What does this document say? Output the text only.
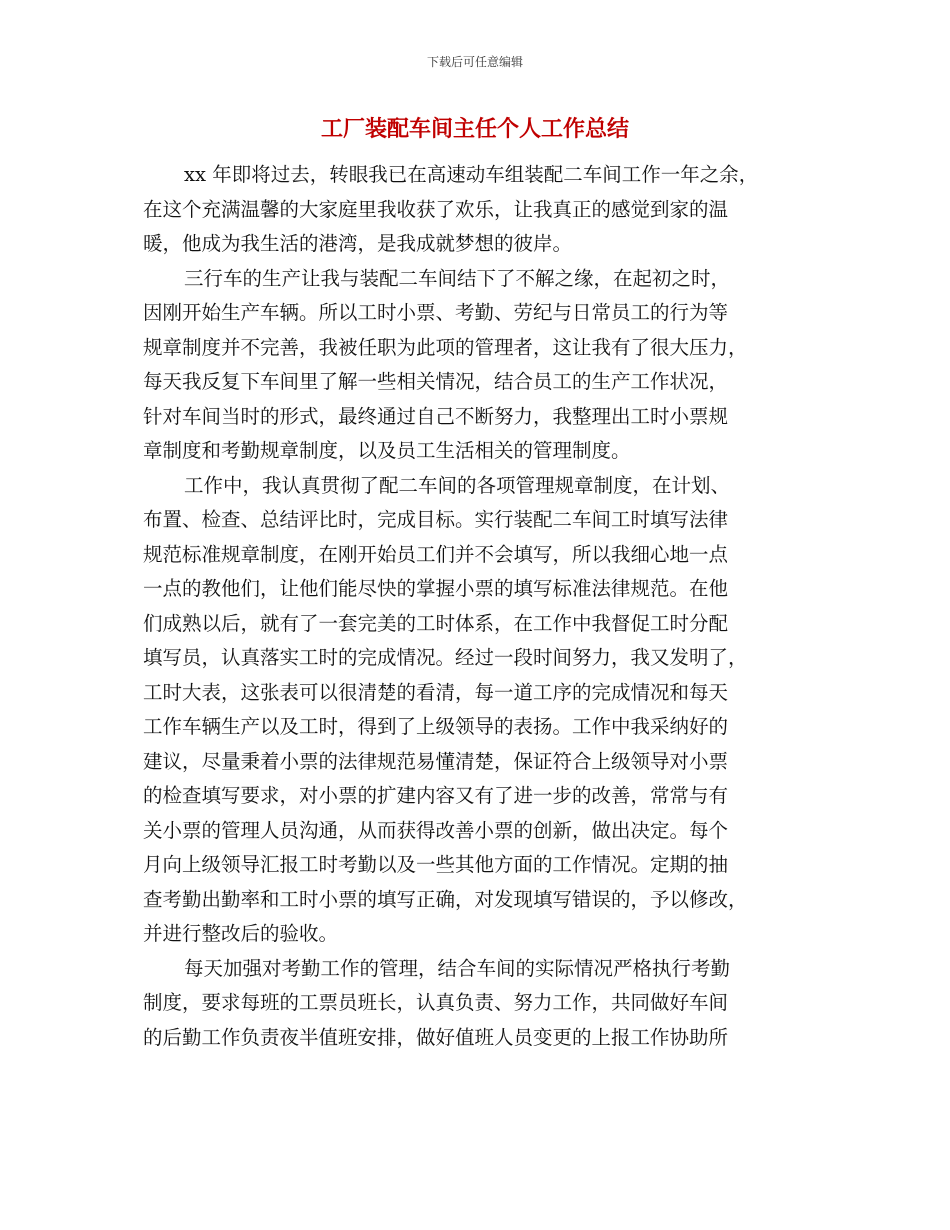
下载后可任意编辑
工厂装配车间主任个人工作总结
xx 年即将过去，转眼我已在高速动车组装配二车间工作一年之余，
在这个充满温馨的大家庭里我收获了欢乐，让我真正的感觉到家的温
暖，他成为我生活的港湾，是我成就梦想的彼岸。
三行车的生产让我与装配二车间结下了不解之缘，在起初之时，
因刚开始生产车辆。所以工时小票、考勤、劳纪与日常员工的行为等
规章制度并不完善，我被任职为此项的管理者，这让我有了很大压力，
每天我反复下车间里了解一些相关情况，结合员工的生产工作状况，
针对车间当时的形式，最终通过自己不断努力，我整理出工时小票规
章制度和考勤规章制度，以及员工生活相关的管理制度。
工作中，我认真贯彻了配二车间的各项管理规章制度，在计划、
布置、检查、总结评比时，完成目标。实行装配二车间工时填写法律
规范标准规章制度，在刚开始员工们并不会填写，所以我细心地一点
一点的教他们，让他们能尽快的掌握小票的填写标准法律规范。在他
们成熟以后，就有了一套完美的工时体系，在工作中我督促工时分配
填写员，认真落实工时的完成情况。经过一段时间努力，我又发明了，
工时大表，这张表可以很清楚的看清，每一道工序的完成情况和每天
工作车辆生产以及工时，得到了上级领导的表扬。工作中我采纳好的
建议，尽量秉着小票的法律规范易懂清楚，保证符合上级领导对小票
的检查填写要求，对小票的扩建内容又有了进一步的改善，常常与有
关小票的管理人员沟通，从而获得改善小票的创新，做出决定。每个
月向上级领导汇报工时考勤以及一些其他方面的工作情况。定期的抽
查考勤出勤率和工时小票的填写正确，对发现填写错误的，予以修改，
并进行整改后的验收。
每天加强对考勤工作的管理，结合车间的实际情况严格执行考勤
制度，要求每班的工票员班长，认真负责、努力工作，共同做好车间
的后勤工作负责夜半值班安排，做好值班人员变更的上报工作协助所
